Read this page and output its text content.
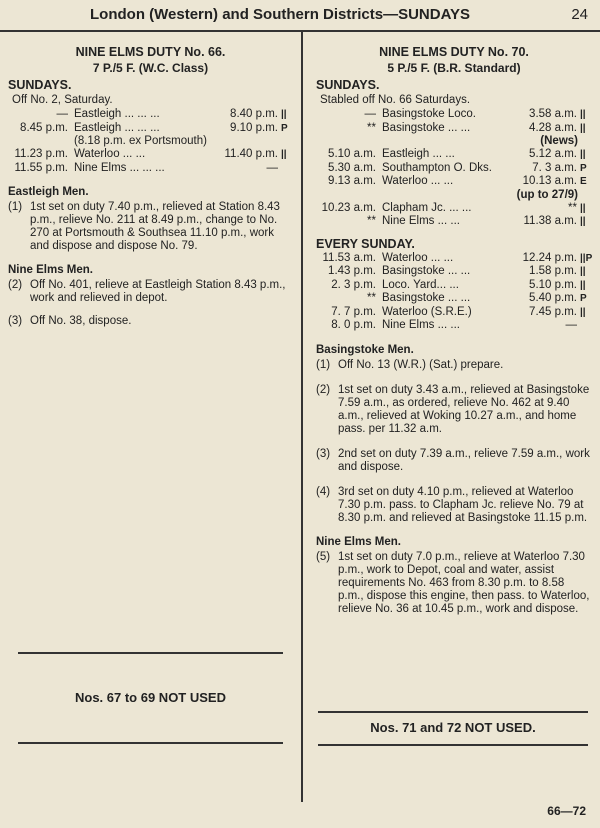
London (Western) and Southern Districts—SUNDAYS	24
NINE ELMS DUTY No. 66.
7 P./5 F. (W.C. Class)
SUNDAYS.
Off No. 2, Saturday.
— Eastleigh ... ... ...	8.40 p.m. ||
8.45 p.m. Eastleigh ... ... ...	9.10 p.m. P
(8.18 p.m. ex Portsmouth)
11.23 p.m. Waterloo ... ...	11.40 p.m. ||
11.55 p.m. Nine Elms ... ... ...	—
Eastleigh Men.
(1) 1st set on duty 7.40 p.m., relieved at Station 8.43 p.m., relieve No. 211 at 8.49 p.m., change to No. 270 at Portsmouth & Southsea 11.10 p.m., work and dispose and dispose No. 79.
Nine Elms Men.
(2) Off No. 401, relieve at Eastleigh Station 8.43 p.m., work and relieved in depot.
(3) Off No. 38, dispose.
NINE ELMS DUTY No. 70.
5 P./5 F. (B.R. Standard)
SUNDAYS.
Stabled off No. 66 Saturdays.
— Basingstoke Loco.	3.58 a.m. ||
** Basingstoke ... ...	4.28 a.m. ||
(News)
5.10 a.m. Eastleigh ... ...	5.12 a.m. ||
5.30 a.m. Southampton O. Dks.	7. 3 a.m. P
9.13 a.m. Waterloo ... ...	10.13 a.m. E
(up to 27/9)
10.23 a.m. Clapham Jc. ... ...	** ||
** Nine Elms ... ...	11.38 a.m. ||
EVERY SUNDAY.
11.53 a.m. Waterloo ... ...	12.24 p.m. ||P
1.43 p.m. Basingstoke ... ...	1.58 p.m. ||
2. 3 p.m. Loco. Yard... ...	5.10 p.m. ||
** Basingstoke ... ...	5.40 p.m. P
7. 7 p.m. Waterloo (S.R.E.)	7.45 p.m. ||
8. 0 p.m. Nine Elms ... ...	—
Basingstoke Men.
(1) Off No. 13 (W.R.) (Sat.) prepare.
(2) 1st set on duty 3.43 a.m., relieved at Basingstoke 7.59 a.m., as ordered, relieve No. 462 at 9.40 a.m., relieved at Woking 10.27 a.m., and home pass. per 11.32 a.m.
(3) 2nd set on duty 7.39 a.m., relieve 7.59 a.m., work and dispose.
(4) 3rd set on duty 4.10 p.m., relieved at Waterloo 7.30 p.m. pass. to Clapham Jc. relieve No. 79 at 8.30 p.m. and relieved at Basingstoke 11.15 p.m.
Nine Elms Men.
(5) 1st set on duty 7.0 p.m., relieve at Waterloo 7.30 p.m., work to Depot, coal and water, assist requirements No. 463 from 8.30 p.m. to 8.58 p.m., dispose this engine, then pass. to Waterloo, relieve No. 36 at 10.45 p.m., work and dispose.
Nos. 67 to 69 NOT USED
Nos. 71 and 72 NOT USED.
66—72
